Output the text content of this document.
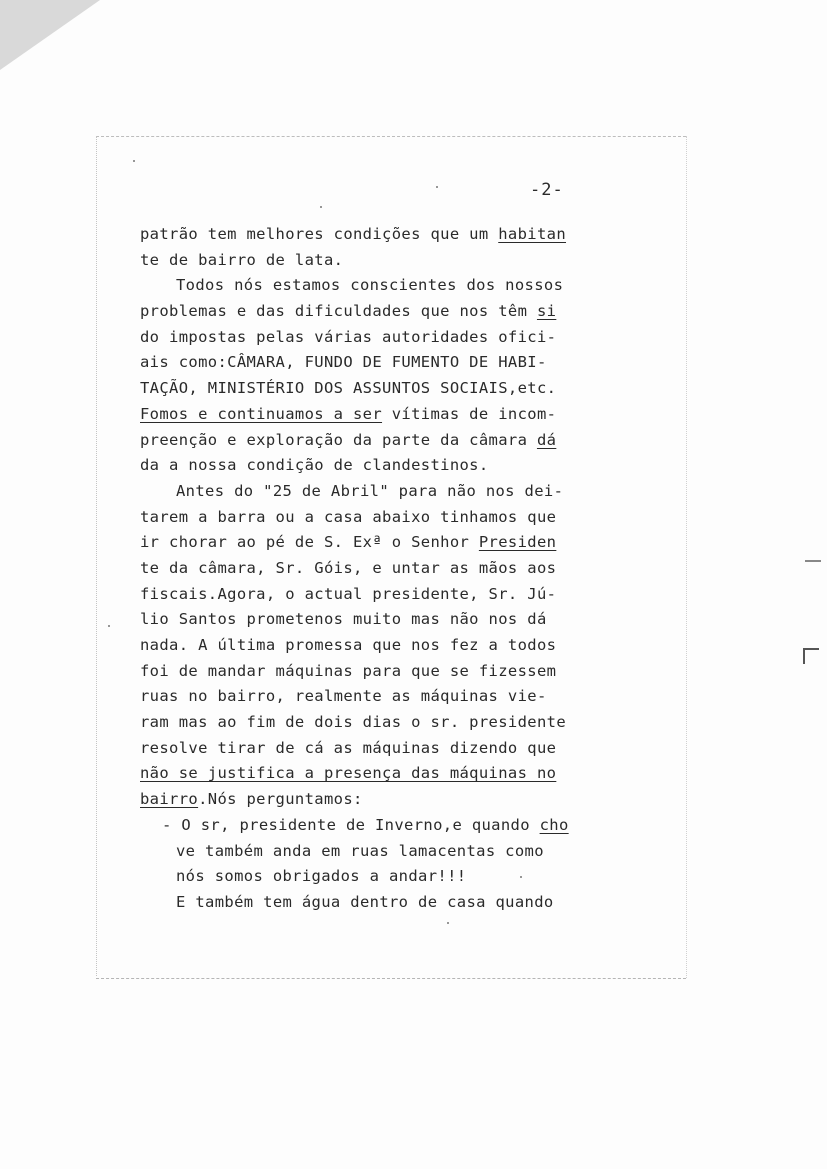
-2-
patrão tem melhores condições que um habitan
te de bairro de lata.
Todos nós estamos conscientes dos nossos
problemas e das dificuldades que nos têm si
do impostas pelas várias autoridades ofici-
ais como:CÂMARA, FUNDO DE FUMENTO DE HABI-
TAÇÃO, MINISTÉRIO DOS ASSUNTOS SOCIAIS,etc.
Fomos e continuamos a ser vítimas de incom-
preenção e exploração da parte da câmara dá
da a nossa condição de clandestinos.
Antes do "25 de Abril" para não nos dei-
tarem a barra ou a casa abaixo tinhamos que
ir chorar ao pé de S. Exª o Senhor Presiden
te da câmara, Sr. Góis, e untar as mãos aos
fiscais.Agora, o actual presidente, Sr. Jú-
lio Santos prometenos muito mas não nos dá
nada. A última promessa que nos fez a todos
foi de mandar máquinas para que se fizessem
ruas no bairro, realmente as máquinas vie-
ram mas ao fim de dois dias o sr. presidente
resolve tirar de cá as máquinas dizendo que
não se justifica a presença das máquinas no
bairro.Nós perguntamos:
- O sr, presidente de Inverno,e quando cho
ve também anda em ruas lamacentas como
nós somos obrigados a andar!!!
E também tem água dentro de casa quando
